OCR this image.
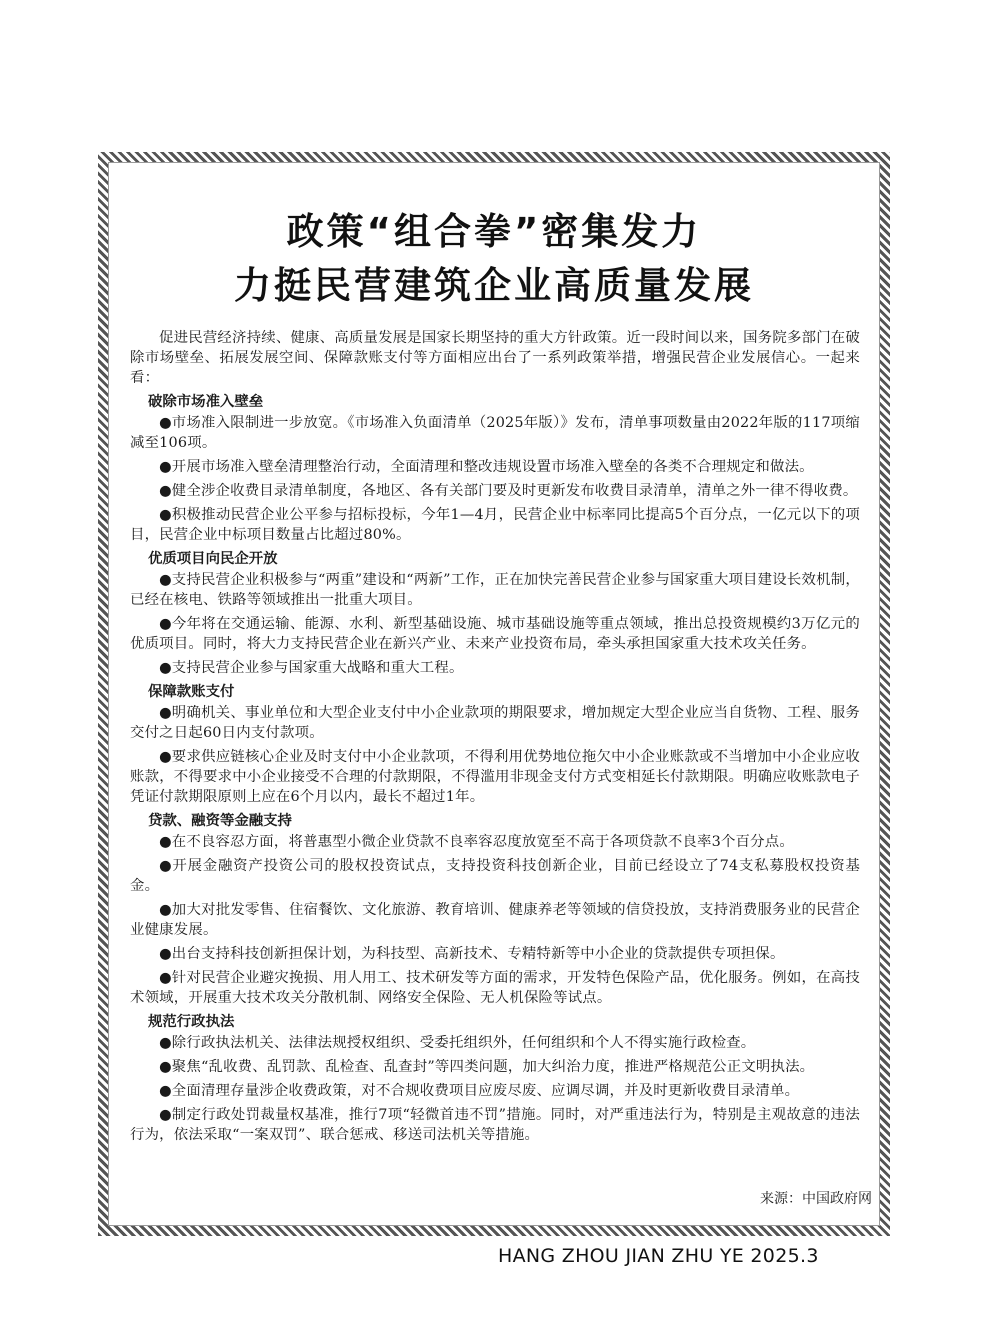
政策“组合拳”密集发力
力挺民营建筑企业高质量发展

促进民营经济持续、健康、高质量发展是国家长期坚持的重大方针政策。近一段时间以来，国务院多部门在破除市场壁垒、拓展发展空间、保障款账支付等方面相应出台了一系列政策举措，增强民营企业发展信心。一起来看：

破除市场准入壁垒

●市场准入限制进一步放宽。《市场准入负面清单（2025年版）》发布，清单事项数量由2022年版的117项缩减至106项。

●开展市场准入壁垒清理整治行动，全面清理和整改违规设置市场准入壁垒的各类不合理规定和做法。

●健全涉企收费目录清单制度，各地区、各有关部门要及时更新发布收费目录清单，清单之外一律不得收费。

●积极推动民营企业公平参与招标投标，今年1—4月，民营企业中标率同比提高5个百分点，一亿元以下的项目，民营企业中标项目数量占比超过80%。

优质项目向民企开放

●支持民营企业积极参与“两重”建设和“两新”工作，正在加快完善民营企业参与国家重大项目建设长效机制，已经在核电、铁路等领域推出一批重大项目。

●今年将在交通运输、能源、水利、新型基础设施、城市基础设施等重点领域，推出总投资规模约3万亿元的优质项目。同时，将大力支持民营企业在新兴产业、未来产业投资布局，牵头承担国家重大技术攻关任务。

●支持民营企业参与国家重大战略和重大工程。

保障款账支付

●明确机关、事业单位和大型企业支付中小企业款项的期限要求，增加规定大型企业应当自货物、工程、服务交付之日起60日内支付款项。

●要求供应链核心企业及时支付中小企业款项，不得利用优势地位拖欠中小企业账款或不当增加中小企业应收账款，不得要求中小企业接受不合理的付款期限，不得滥用非现金支付方式变相延长付款期限。明确应收账款电子凭证付款期限原则上应在6个月以内，最长不超过1年。

贷款、融资等金融支持

●在不良容忍方面，将普惠型小微企业贷款不良率容忍度放宽至不高于各项贷款不良率3个百分点。

●开展金融资产投资公司的股权投资试点，支持投资科技创新企业，目前已经设立了74支私募股权投资基金。

●加大对批发零售、住宿餐饮、文化旅游、教育培训、健康养老等领域的信贷投放，支持消费服务业的民营企业健康发展。

●出台支持科技创新担保计划，为科技型、高新技术、专精特新等中小企业的贷款提供专项担保。

●针对民营企业避灾挽损、用人用工、技术研发等方面的需求，开发特色保险产品，优化服务。例如，在高技术领域，开展重大技术攻关分散机制、网络安全保险、无人机保险等试点。

规范行政执法

●除行政执法机关、法律法规授权组织、受委托组织外，任何组织和个人不得实施行政检查。

●聚焦“乱收费、乱罚款、乱检查、乱查封”等四类问题，加大纠治力度，推进严格规范公正文明执法。

●全面清理存量涉企收费政策，对不合规收费项目应废尽废、应调尽调，并及时更新收费目录清单。

●制定行政处罚裁量权基准，推行7项“轻微首违不罚”措施。同时，对严重违法行为，特别是主观故意的违法行为，依法采取“一案双罚”、联合惩戒、移送司法机关等措施。

来源：中国政府网
HANG ZHOU JIAN ZHU YE 2025.3
